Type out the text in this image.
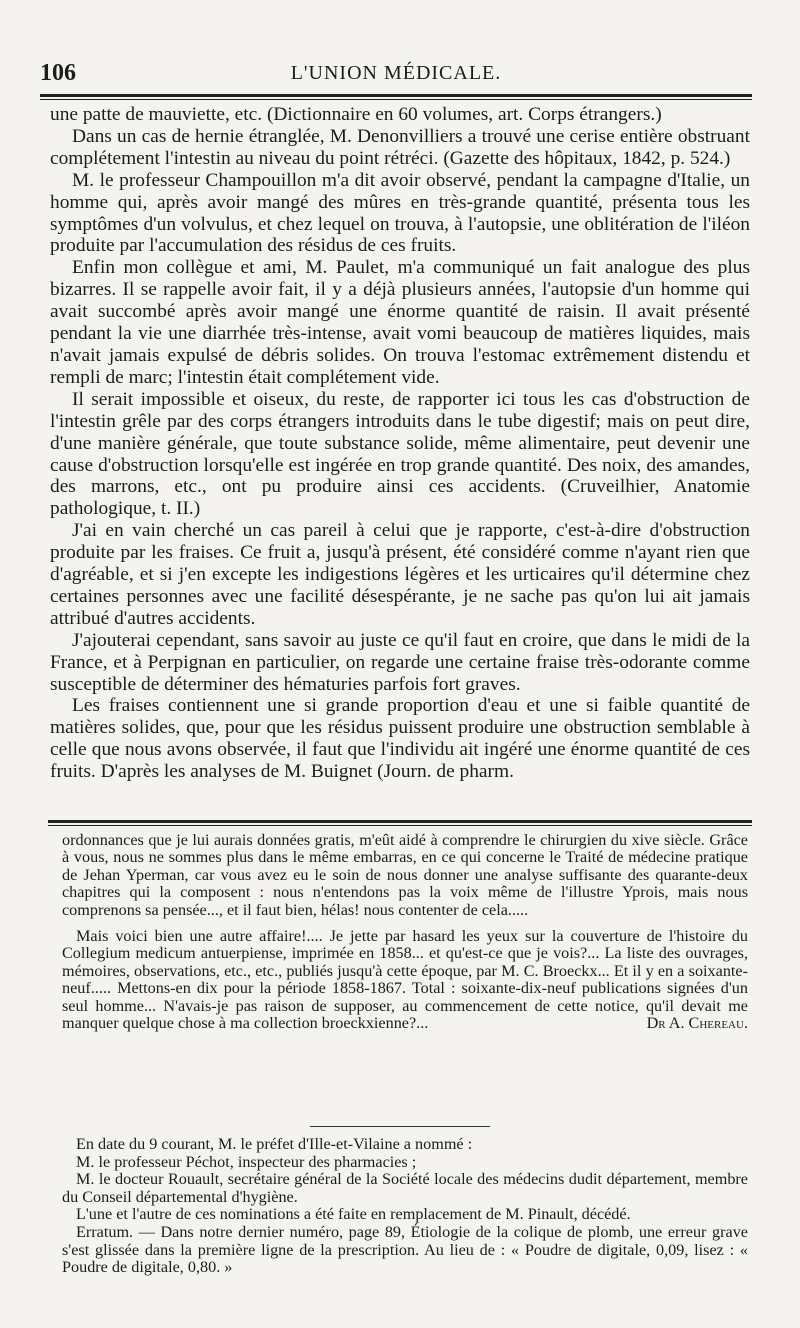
106	L'UNION MÉDICALE.

une patte de mauviette, etc. (Dictionnaire en 60 volumes, art. Corps étrangers.)

Dans un cas de hernie étranglée, M. Denonvilliers a trouvé une cerise entière obstruant complétement l'intestin au niveau du point rétréci. (Gazette des hôpitaux, 1842, p. 524.)

M. le professeur Champouillon m'a dit avoir observé, pendant la campagne d'Italie, un homme qui, après avoir mangé des mûres en très-grande quantité, présenta tous les symptômes d'un volvulus, et chez lequel on trouva, à l'autopsie, une oblitération de l'iléon produite par l'accumulation des résidus de ces fruits.

Enfin mon collègue et ami, M. Paulet, m'a communiqué un fait analogue des plus bizarres. Il se rappelle avoir fait, il y a déjà plusieurs années, l'autopsie d'un homme qui avait succombé après avoir mangé une énorme quantité de raisin. Il avait présenté pendant la vie une diarrhée très-intense, avait vomi beaucoup de matières liquides, mais n'avait jamais expulsé de débris solides. On trouva l'estomac extrêmement distendu et rempli de marc; l'intestin était complétement vide.

Il serait impossible et oiseux, du reste, de rapporter ici tous les cas d'obstruction de l'intestin grêle par des corps étrangers introduits dans le tube digestif; mais on peut dire, d'une manière générale, que toute substance solide, même alimentaire, peut devenir une cause d'obstruction lorsqu'elle est ingérée en trop grande quantité. Des noix, des amandes, des marrons, etc., ont pu produire ainsi ces accidents. (Cruveilhier, Anatomie pathologique, t. II.)

J'ai en vain cherché un cas pareil à celui que je rapporte, c'est-à-dire d'obstruction produite par les fraises. Ce fruit a, jusqu'à présent, été considéré comme n'ayant rien que d'agréable, et si j'en excepte les indigestions légères et les urticaires qu'il détermine chez certaines personnes avec une facilité désespérante, je ne sache pas qu'on lui ait jamais attribué d'autres accidents.

J'ajouterai cependant, sans savoir au juste ce qu'il faut en croire, que dans le midi de la France, et à Perpignan en particulier, on regarde une certaine fraise très-odorante comme susceptible de déterminer des hématuries parfois fort graves.

Les fraises contiennent une si grande proportion d'eau et une si faible quantité de matières solides, que, pour que les résidus puissent produire une obstruction semblable à celle que nous avons observée, il faut que l'individu ait ingéré une énorme quantité de ces fruits. D'après les analyses de M. Buignet (Journ. de pharm.

ordonnances que je lui aurais données gratis, m'eût aidé à comprendre le chirurgien du xive siècle. Grâce à vous, nous ne sommes plus dans le même embarras, en ce qui concerne le Traité de médecine pratique de Jehan Yperman, car vous avez eu le soin de nous donner une analyse suffisante des quarante-deux chapitres qui la composent : nous n'entendons pas la voix même de l'illustre Yprois, mais nous comprenons sa pensée..., et il faut bien, hélas! nous contenter de cela.....

Mais voici bien une autre affaire!.... Je jette par hasard les yeux sur la couverture de l'histoire du Collegium medicum antuerpiense, imprimée en 1858... et qu'est-ce que je vois?... La liste des ouvrages, mémoires, observations, etc., etc., publiés jusqu'à cette époque, par M. C. Broeckx... Et il y en a soixante-neuf..... Mettons-en dix pour la période 1858-1867. Total : soixante-dix-neuf publications signées d'un seul homme... N'avais-je pas raison de supposer, au commencement de cette notice, qu'il devait me manquer quelque chose à ma collection broeckxienne?...	Dr A. Chereau.

En date du 9 courant, M. le préfet d'Ille-et-Vilaine a nommé :

M. le professeur Péchot, inspecteur des pharmacies ;

M. le docteur Rouault, secrétaire général de la Société locale des médecins dudit département, membre du Conseil départemental d'hygiène.

L'une et l'autre de ces nominations a été faite en remplacement de M. Pinault, décédé.

Erratum. — Dans notre dernier numéro, page 89, Étiologie de la colique de plomb, une erreur grave s'est glissée dans la première ligne de la prescription. Au lieu de : « Poudre de digitale, 0,09, lisez : « Poudre de digitale, 0,80. »
